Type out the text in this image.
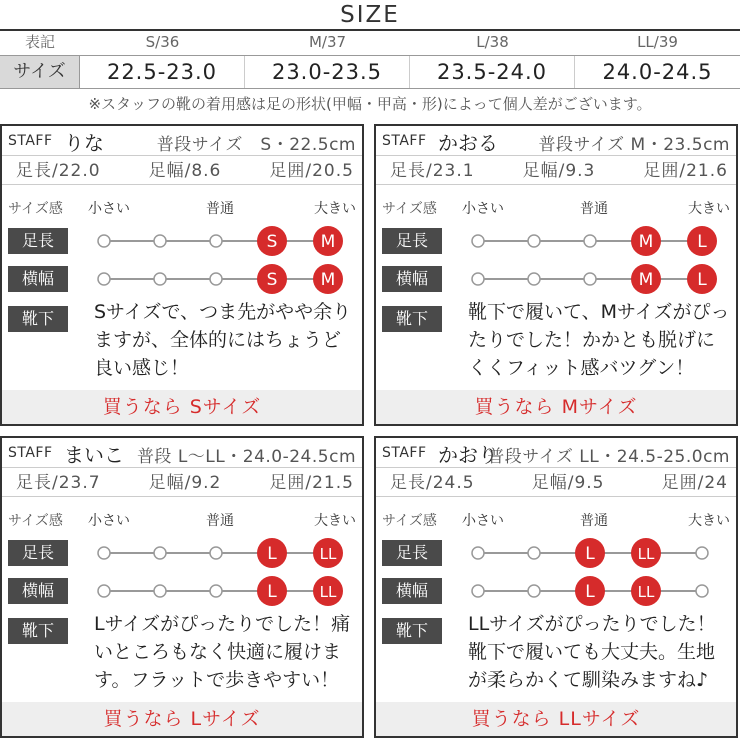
SIZE
表記	S/36	M/37	L/38	LL/39
サイズ	22.5-23.0	23.0-23.5	23.5-24.0	24.0-24.5
※スタッフの靴の着用感は足の形状(甲幅・甲高・形)によって個人差がございます。
STAFF りな	普段サイズ　S・22.5cm
足長/22.0	足幅/8.6	足囲/20.5
サイズ感 小さい	普通	大きい
足長
横幅
靴下
S	M
S	M
Sサイズで、つま先がやや余りますが、全体的にはちょうど良い感じ！
買うなら Sサイズ
STAFF かおる 普段サイズ M・23.5cm
足長/23.1	足幅/9.3	足囲/21.6
サイズ感 小さい	普通	大きい
足長
横幅
靴下
M	L
M	L
靴下で履いて、Mサイズがぴったりでした！かかとも脱げにくくフィット感バツグン！
買うなら Mサイズ
STAFF まいこ 普段 L〜LL・24.0-24.5cm
足長/23.7	足幅/9.2	足囲/21.5
サイズ感 小さい	普通	大きい
足長
横幅
靴下
L	LL
L	LL
Lサイズがぴったりでした！痛いところもなく快適に履けます。フラットで歩きやすい！
買うなら Lサイズ
STAFF かおり
普段サイズ LL・24.5-25.0cm
足長/24.5	足幅/9.5	足囲/24
サイズ感 小さい	普通	大きい
足長
横幅
靴下
L	LL
L	LL
LLサイズがぴったりでした！靴下で履いても大丈夫。生地が柔らかくて馴染みますね♪
買うなら LLサイズ
